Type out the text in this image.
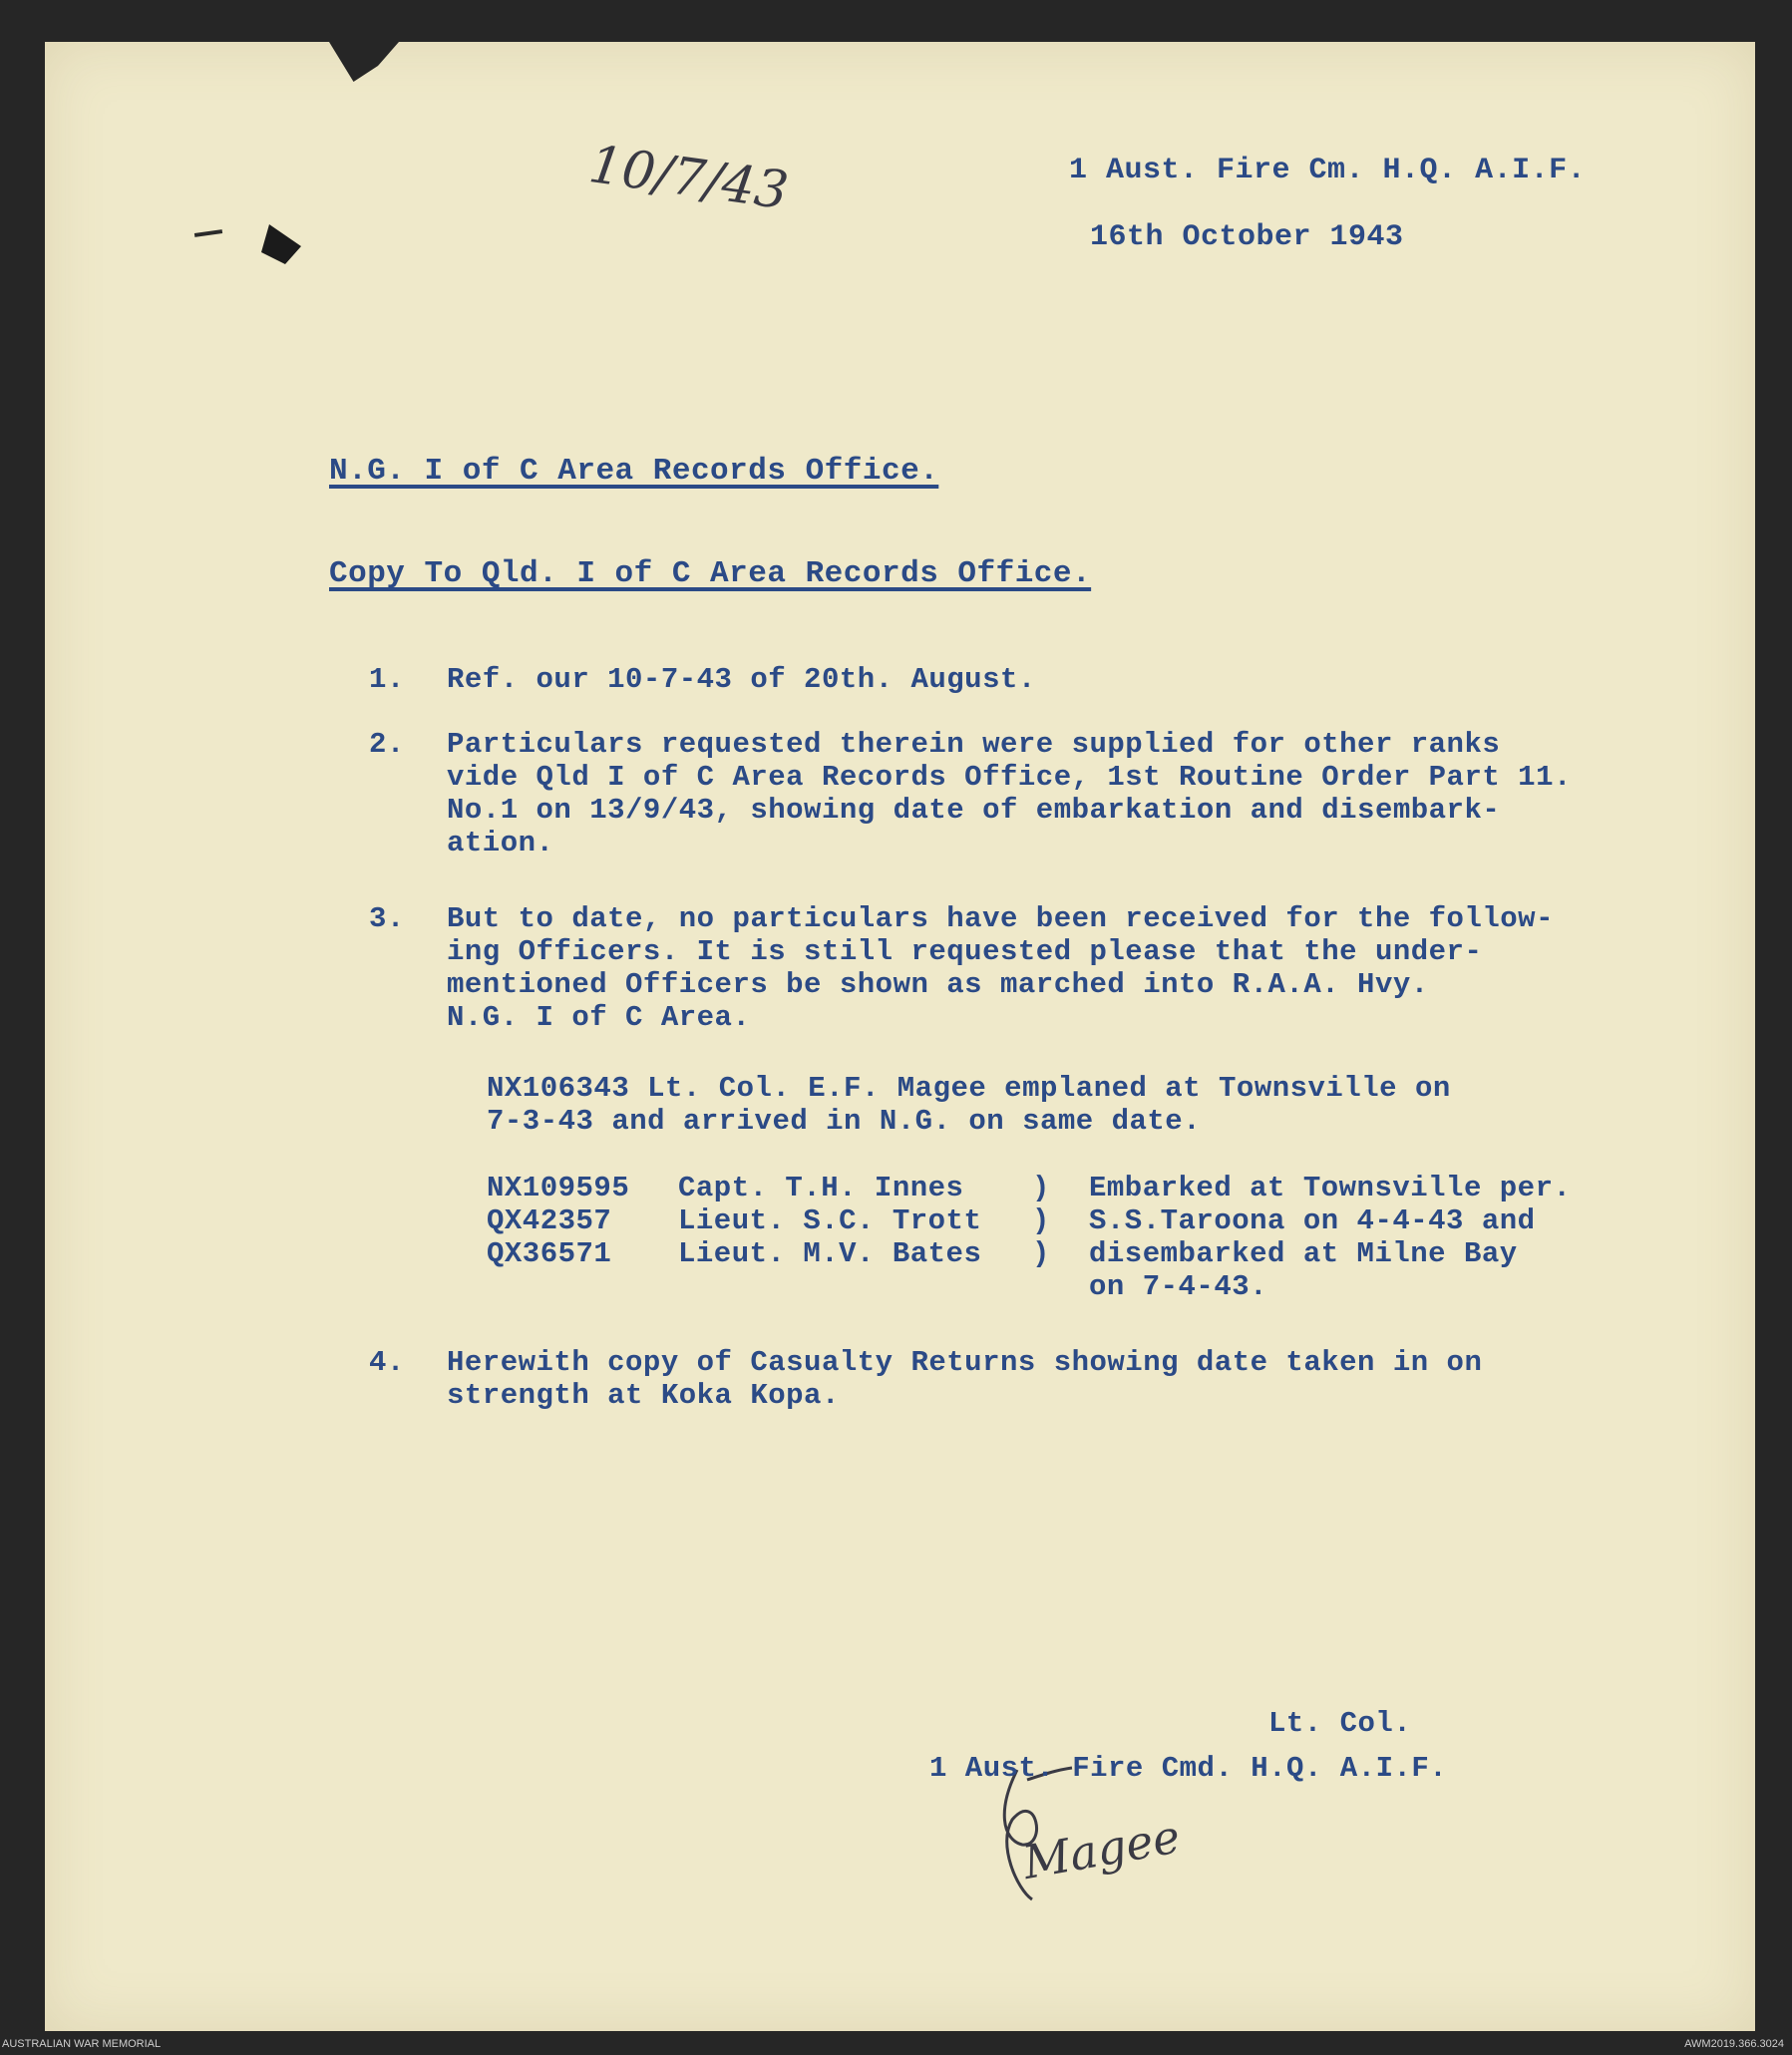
10/7/43	1 Aust. Fire Cm. H.Q. A.I.F.
16th October 1943
N.G. I of C Area Records Office.
Copy To Qld. I of C Area Records Office.
1. Ref. our 10-7-43 of 20th. August.
2. Particulars requested therein were supplied for other ranks
vide Qld I of C Area Records Office, 1st Routine Order Part 11.
No.1 on 13/9/43, showing date of embarkation and disembark-
ation.
3. But to date, no particulars have been received for the follow-
ing Officers. It is still requested please that the under-
mentioned Officers be shown as marched into R.A.A. Hvy.
N.G. I of C Area.
NX106343 Lt. Col. E.F. Magee emplaned at Townsville on
7-3-43 and arrived in N.G. on same date.
NX109595 Capt. T.H. Innes )
QX42357 Lieut. S.C. Trott )
QX36571 Lieut. M.V. Bates )
Embarked at Townsville per.
S.S.Taroona on 4-4-43 and
disembarked at Milne Bay
on 7-4-43.
4. Herewith copy of Casualty Returns showing date taken in on
strength at Koka Kopa.
Magee
Lt. Col.
1 Aust. Fire Cmd. H.Q. A.I.F.
AUSTRALIAN WAR MEMORIAL	AWM2019.366.3024
